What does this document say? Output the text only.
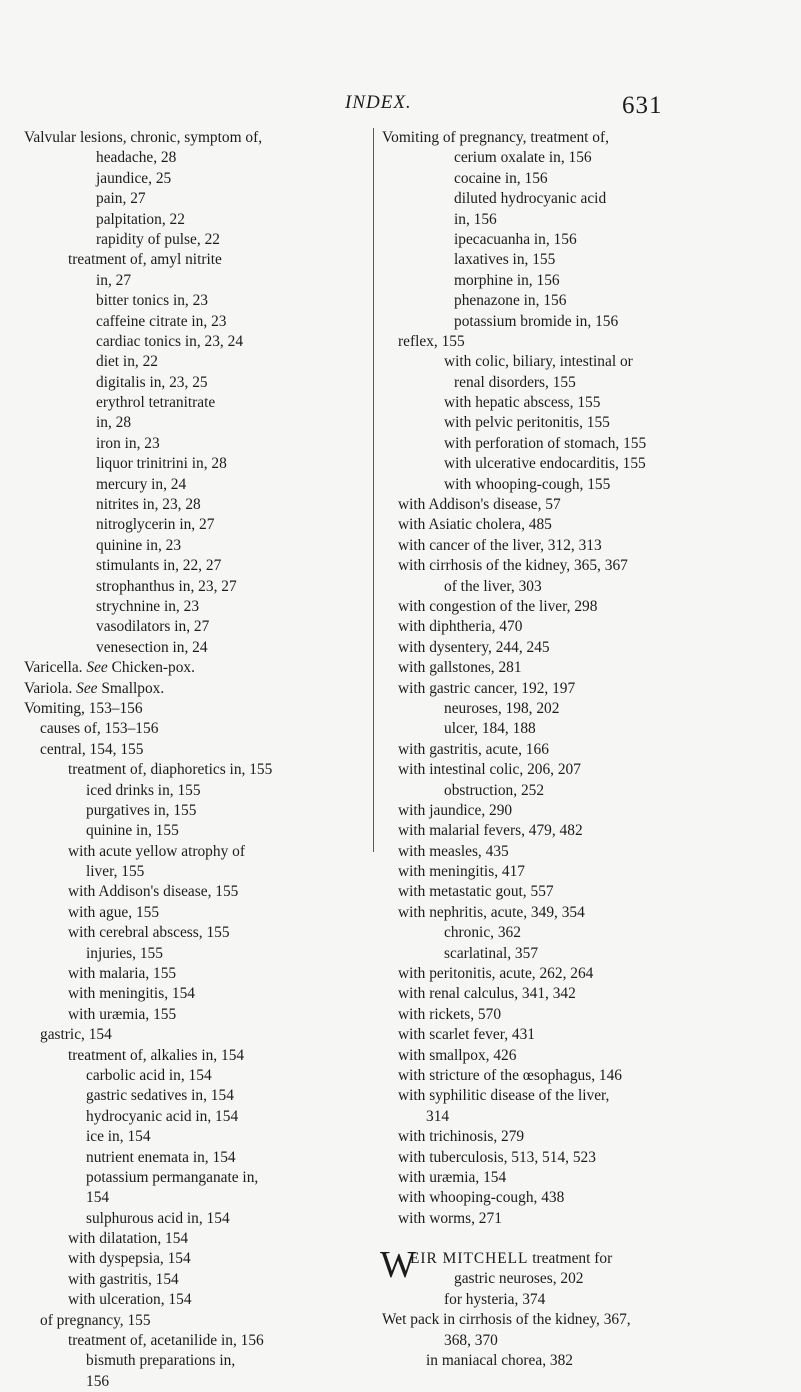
INDEX.	631
Valvular lesions, chronic, symptom of,
headache, 28
jaundice, 25
pain, 27
palpitation, 22
rapidity of pulse, 22
treatment of, amyl nitrite
in, 27
bitter tonics in, 23
caffeine citrate in, 23
cardiac tonics in, 23, 24
diet in, 22
digitalis in, 23, 25
erythrol tetranitrate
in, 28
iron in, 23
liquor trinitrini in, 28
mercury in, 24
nitrites in, 23, 28
nitroglycerin in, 27
quinine in, 23
stimulants in, 22, 27
strophanthus in, 23, 27
strychnine in, 23
vasodilators in, 27
venesection in, 24
Varicella. See Chicken-pox.
Variola. See Smallpox.
Vomiting, 153–156
causes of, 153–156
central, 154, 155
treatment of, diaphoretics in, 155
iced drinks in, 155
purgatives in, 155
quinine in, 155
with acute yellow atrophy of
liver, 155
with Addison's disease, 155
with ague, 155
with cerebral abscess, 155
injuries, 155
with malaria, 155
with meningitis, 154
with uræmia, 155
gastric, 154
treatment of, alkalies in, 154
carbolic acid in, 154
gastric sedatives in, 154
hydrocyanic acid in, 154
ice in, 154
nutrient enemata in, 154
potassium permanganate in,
154
sulphurous acid in, 154
with dilatation, 154
with dyspepsia, 154
with gastritis, 154
with ulceration, 154
of pregnancy, 155
treatment of, acetanilide in, 156
bismuth preparations in,
156
Vomiting of pregnancy, treatment of,
cerium oxalate in, 156
cocaine in, 156
diluted hydrocyanic acid
in, 156
ipecacuanha in, 156
laxatives in, 155
morphine in, 156
phenazone in, 156
potassium bromide in, 156
reflex, 155
with colic, biliary, intestinal or
renal disorders, 155
with hepatic abscess, 155
with pelvic peritonitis, 155
with perforation of stomach, 155
with ulcerative endocarditis, 155
with whooping-cough, 155
with Addison's disease, 57
with Asiatic cholera, 485
with cancer of the liver, 312, 313
with cirrhosis of the kidney, 365, 367
of the liver, 303
with congestion of the liver, 298
with diphtheria, 470
with dysentery, 244, 245
with gallstones, 281
with gastric cancer, 192, 197
neuroses, 198, 202
ulcer, 184, 188
with gastritis, acute, 166
with intestinal colic, 206, 207
obstruction, 252
with jaundice, 290
with malarial fevers, 479, 482
with measles, 435
with meningitis, 417
with metastatic gout, 557
with nephritis, acute, 349, 354
chronic, 362
scarlatinal, 357
with peritonitis, acute, 262, 264
with renal calculus, 341, 342
with rickets, 570
with scarlet fever, 431
with smallpox, 426
with stricture of the œsophagus, 146
with syphilitic disease of the liver,
314
with trichinosis, 279
with tuberculosis, 513, 514, 523
with uræmia, 154
with whooping-cough, 438
with worms, 271
W
EIR MITCHELL treatment for
gastric neuroses, 202
for hysteria, 374
Wet pack in cirrhosis of the kidney, 367,
368, 370
in maniacal chorea, 382
